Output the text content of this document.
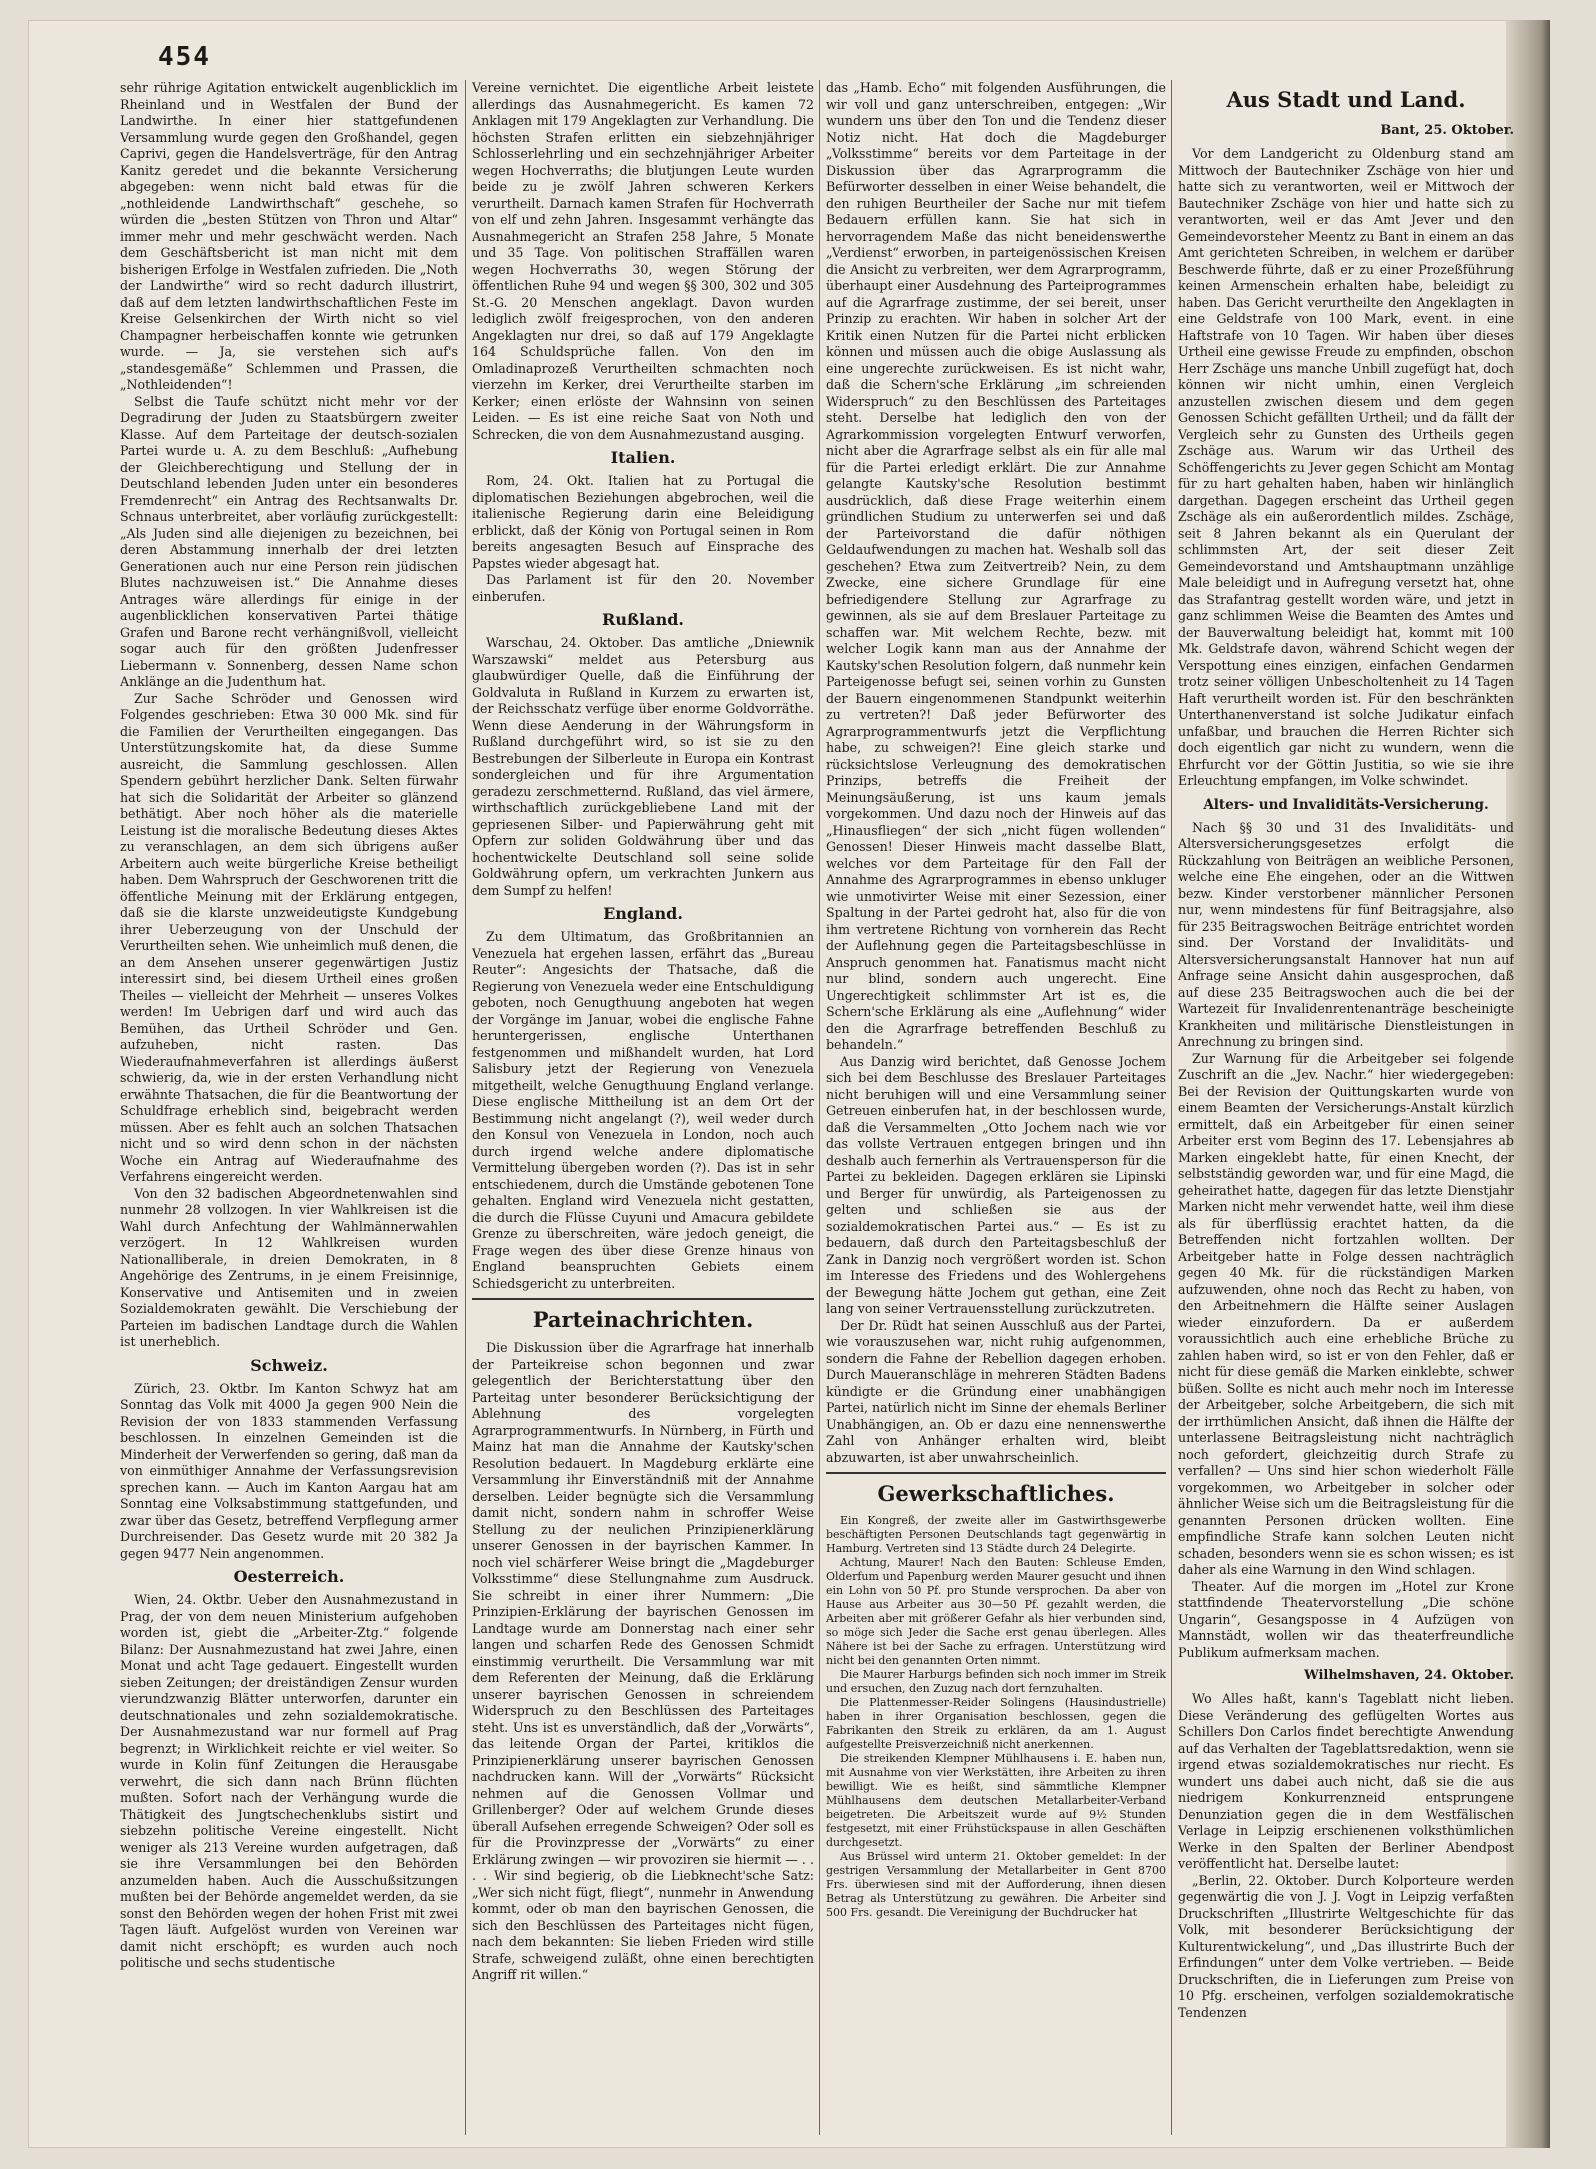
454

sehr rührige Agitation entwickelt augenblicklich im Rheinland und in Westfalen der Bund der Landwirthe. In einer hier stattgefundenen Versammlung wurde gegen den Großhandel, gegen Caprivi, gegen die Handelsverträge, für den Antrag Kanitz geredet und die bekannte Versicherung abgegeben: wenn nicht bald etwas für die „nothleidende Landwirthschaft“ geschehe, so würden die „besten Stützen von Thron und Altar“ immer mehr und mehr geschwächt werden. Nach dem Geschäftsbericht ist man nicht mit dem bisherigen Erfolge in Westfalen zufrieden. Die „Noth der Landwirthe“ wird so recht dadurch illustrirt, daß auf dem letzten landwirthschaftlichen Feste im Kreise Gelsenkirchen der Wirth nicht so viel Champagner herbeischaffen konnte wie getrunken wurde. — Ja, sie verstehen sich auf's „standesgemäße“ Schlemmen und Prassen, die „Nothleidenden“!

Selbst die Taufe schützt nicht mehr vor der Degradirung der Juden zu Staatsbürgern zweiter Klasse. Auf dem Parteitage der deutsch-sozialen Partei wurde u. A. zu dem Beschluß: „Aufhebung der Gleichberechtigung und Stellung der in Deutschland lebenden Juden unter ein besonderes Fremdenrecht“ ein Antrag des Rechtsanwalts Dr. Schnaus unterbreitet, aber vorläufig zurückgestellt: „Als Juden sind alle diejenigen zu bezeichnen, bei deren Abstammung innerhalb der drei letzten Generationen auch nur eine Person rein jüdischen Blutes nachzuweisen ist.“ Die Annahme dieses Antrages wäre allerdings für einige in der augenblicklichen konservativen Partei thätige Grafen und Barone recht verhängnißvoll, vielleicht sogar auch für den größten Judenfresser Liebermann v. Sonnenberg, dessen Name schon Anklänge an die Judenthum hat.

Zur Sache Schröder und Genossen wird Folgendes geschrieben: Etwa 30 000 Mk. sind für die Familien der Verurtheilten eingegangen. Das Unterstützungskomite hat, da diese Summe ausreicht, die Sammlung geschlossen. Allen Spendern gebührt herzlicher Dank. Selten fürwahr hat sich die Solidarität der Arbeiter so glänzend bethätigt. Aber noch höher als die materielle Leistung ist die moralische Bedeutung dieses Aktes zu veranschlagen, an dem sich übrigens außer Arbeitern auch weite bürgerliche Kreise betheiligt haben. Dem Wahrspruch der Geschworenen tritt die öffentliche Meinung mit der Erklärung entgegen, daß sie die klarste unzweideutigste Kundgebung ihrer Ueberzeugung von der Unschuld der Verurtheilten sehen. Wie unheimlich muß denen, die an dem Ansehen unserer gegenwärtigen Justiz interessirt sind, bei diesem Urtheil eines großen Theiles — vielleicht der Mehrheit — unseres Volkes werden! Im Uebrigen darf und wird auch das Bemühen, das Urtheil Schröder und Gen. aufzuheben, nicht rasten. Das Wiederaufnahmeverfahren ist allerdings äußerst schwierig, da, wie in der ersten Verhandlung nicht erwähnte Thatsachen, die für die Beantwortung der Schuldfrage erheblich sind, beigebracht werden müssen. Aber es fehlt auch an solchen Thatsachen nicht und so wird denn schon in der nächsten Woche ein Antrag auf Wiederaufnahme des Verfahrens eingereicht werden.

Von den 32 badischen Abgeordnetenwahlen sind nunmehr 28 vollzogen. In vier Wahlkreisen ist die Wahl durch Anfechtung der Wahlmännerwahlen verzögert. In 12 Wahlkreisen wurden Nationalliberale, in dreien Demokraten, in 8 Angehörige des Zentrums, in je einem Freisinnige, Konservative und Antisemiten und in zweien Sozialdemokraten gewählt. Die Verschiebung der Parteien im badischen Landtage durch die Wahlen ist unerheblich.

Schweiz.

Zürich, 23. Oktbr. Im Kanton Schwyz hat am Sonntag das Volk mit 4000 Ja gegen 900 Nein die Revision der von 1833 stammenden Verfassung beschlossen. In einzelnen Gemeinden ist die Minderheit der Verwerfenden so gering, daß man da von einmüthiger Annahme der Verfassungsrevision sprechen kann. — Auch im Kanton Aargau hat am Sonntag eine Volksabstimmung stattgefunden, und zwar über das Gesetz, betreffend Verpflegung armer Durchreisender. Das Gesetz wurde mit 20 382 Ja gegen 9477 Nein angenommen.

Oesterreich.

Wien, 24. Oktbr. Ueber den Ausnahmezustand in Prag, der von dem neuen Ministerium aufgehoben worden ist, giebt die „Arbeiter-Ztg.“ folgende Bilanz: Der Ausnahmezustand hat zwei Jahre, einen Monat und acht Tage gedauert. Eingestellt wurden sieben Zeitungen; der dreiständigen Zensur wurden vierundzwanzig Blätter unterworfen, darunter ein deutschnationales und zehn sozialdemokratische. Der Ausnahmezustand war nur formell auf Prag begrenzt; in Wirklichkeit reichte er viel weiter. So wurde in Kolin fünf Zeitungen die Herausgabe verwehrt, die sich dann nach Brünn flüchten mußten. Sofort nach der Verhängung wurde die Thätigkeit des Jungtschechenklubs sistirt und siebzehn politische Vereine eingestellt. Nicht weniger als 213 Vereine wurden aufgetragen, daß sie ihre Versammlungen bei den Behörden anzumelden haben. Auch die Ausschußsitzungen mußten bei der Behörde angemeldet werden, da sie sonst den Behörden wegen der hohen Frist mit zwei Tagen läuft. Aufgelöst wurden von Vereinen war damit nicht erschöpft; es wurden auch noch politische und sechs studentische

Vereine vernichtet. Die eigentliche Arbeit leistete allerdings das Ausnahmegericht. Es kamen 72 Anklagen mit 179 Angeklagten zur Verhandlung. Die höchsten Strafen erlitten ein siebzehnjähriger Schlosserlehrling und ein sechzehnjähriger Arbeiter wegen Hochverraths; die blutjungen Leute wurden beide zu je zwölf Jahren schweren Kerkers verurtheilt. Darnach kamen Strafen für Hochverrath von elf und zehn Jahren. Insgesammt verhängte das Ausnahmegericht an Strafen 258 Jahre, 5 Monate und 35 Tage. Von politischen Straffällen waren wegen Hochverraths 30, wegen Störung der öffentlichen Ruhe 94 und wegen §§ 300, 302 und 305 St.-G. 20 Menschen angeklagt. Davon wurden lediglich zwölf freigesprochen, von den anderen Angeklagten nur drei, so daß auf 179 Angeklagte 164 Schuldsprüche fallen. Von den im Omladinaprozeß Verurtheilten schmachten noch vierzehn im Kerker, drei Verurtheilte starben im Kerker; einen erlöste der Wahnsinn von seinen Leiden. — Es ist eine reiche Saat von Noth und Schrecken, die von dem Ausnahmezustand ausging.

Italien.

Rom, 24. Okt. Italien hat zu Portugal die diplomatischen Beziehungen abgebrochen, weil die italienische Regierung darin eine Beleidigung erblickt, daß der König von Portugal seinen in Rom bereits angesagten Besuch auf Einsprache des Papstes wieder abgesagt hat.

Das Parlament ist für den 20. November einberufen.

Rußland.

Warschau, 24. Oktober. Das amtliche „Dniewnik Warszawski“ meldet aus Petersburg aus glaubwürdiger Quelle, daß die Einführung der Goldvaluta in Rußland in Kurzem zu erwarten ist, der Reichsschatz verfüge über enorme Goldvorräthe. Wenn diese Aenderung in der Währungsform in Rußland durchgeführt wird, so ist sie zu den Bestrebungen der Silberleute in Europa ein Kontrast sondergleichen und für ihre Argumentation geradezu zerschmetternd. Rußland, das viel ärmere, wirthschaftlich zurückgebliebene Land mit der gepriesenen Silber- und Papierwährung geht mit Opfern zur soliden Goldwährung über und das hochentwickelte Deutschland soll seine solide Goldwährung opfern, um verkrachten Junkern aus dem Sumpf zu helfen!

England.

Zu dem Ultimatum, das Großbritannien an Venezuela hat ergehen lassen, erfährt das „Bureau Reuter“: Angesichts der Thatsache, daß die Regierung von Venezuela weder eine Entschuldigung geboten, noch Genugthuung angeboten hat wegen der Vorgänge im Januar, wobei die englische Fahne heruntergerissen, englische Unterthanen festgenommen und mißhandelt wurden, hat Lord Salisbury jetzt der Regierung von Venezuela mitgetheilt, welche Genugthuung England verlange. Diese englische Mittheilung ist an dem Ort der Bestimmung nicht angelangt (?), weil weder durch den Konsul von Venezuela in London, noch auch durch irgend welche andere diplomatische Vermittelung übergeben worden (?). Das ist in sehr entschiedenem, durch die Umstände gebotenen Tone gehalten. England wird Venezuela nicht gestatten, die durch die Flüsse Cuyuni und Amacura gebildete Grenze zu überschreiten, wäre jedoch geneigt, die Frage wegen des über diese Grenze hinaus von England beanspruchten Gebiets einem Schiedsgericht zu unterbreiten.

Parteinachrichten.

Die Diskussion über die Agrarfrage hat innerhalb der Parteikreise schon begonnen und zwar gelegentlich der Berichterstattung über den Parteitag unter besonderer Berücksichtigung der Ablehnung des vorgelegten Agrarprogrammentwurfs. In Nürnberg, in Fürth und Mainz hat man die Annahme der Kautsky'schen Resolution bedauert. In Magdeburg erklärte eine Versammlung ihr Einverständniß mit der Annahme derselben. Leider begnügte sich die Versammlung damit nicht, sondern nahm in schroffer Weise Stellung zu der neulichen Prinzipienerklärung unserer Genossen in der bayrischen Kammer. In noch viel schärferer Weise bringt die „Magdeburger Volksstimme“ diese Stellungnahme zum Ausdruck. Sie schreibt in einer ihrer Nummern: „Die Prinzipien-Erklärung der bayrischen Genossen im Landtage wurde am Donnerstag nach einer sehr langen und scharfen Rede des Genossen Schmidt einstimmig verurtheilt. Die Versammlung war mit dem Referenten der Meinung, daß die Erklärung unserer bayrischen Genossen in schreiendem Widerspruch zu den Beschlüssen des Parteitages steht. Uns ist es unverständlich, daß der „Vorwärts“, das leitende Organ der Partei, kritiklos die Prinzipienerklärung unserer bayrischen Genossen nachdrucken kann. Will der „Vorwärts“ Rücksicht nehmen auf die Genossen Vollmar und Grillenberger? Oder auf welchem Grunde dieses überall Aufsehen erregende Schweigen? Oder soll es für die Provinzpresse der „Vorwärts“ zu einer Erklärung zwingen — wir provoziren sie hiermit — . . . . Wir sind begierig, ob die Liebknecht'sche Satz: „Wer sich nicht fügt, fliegt“, nunmehr in Anwendung kommt, oder ob man den bayrischen Genossen, die sich den Beschlüssen des Parteitages nicht fügen, nach dem bekannten: Sie lieben Frieden wird stille Strafe, schweigend zuläßt, ohne einen berechtigten Angriff rit willen.“

das „Hamb. Echo“ mit folgenden Ausführungen, die wir voll und ganz unterschreiben, entgegen: „Wir wundern uns über den Ton und die Tendenz dieser Notiz nicht. Hat doch die Magdeburger „Volksstimme“ bereits vor dem Parteitage in der Diskussion über das Agrarprogramm die Befürworter desselben in einer Weise behandelt, die den ruhigen Beurtheiler der Sache nur mit tiefem Bedauern erfüllen kann. Sie hat sich in hervorragendem Maße das nicht beneidenswerthe „Verdienst“ erworben, in parteigenössischen Kreisen die Ansicht zu verbreiten, wer dem Agrarprogramm, überhaupt einer Ausdehnung des Parteiprogrammes auf die Agrarfrage zustimme, der sei bereit, unser Prinzip zu erachten. Wir haben in solcher Art der Kritik einen Nutzen für die Partei nicht erblicken können und müssen auch die obige Auslassung als eine ungerechte zurückweisen. Es ist nicht wahr, daß die Schern'sche Erklärung „im schreienden Widerspruch“ zu den Beschlüssen des Parteitages steht. Derselbe hat lediglich den von der Agrarkommission vorgelegten Entwurf verworfen, nicht aber die Agrarfrage selbst als ein für alle mal für die Partei erledigt erklärt. Die zur Annahme gelangte Kautsky'sche Resolution bestimmt ausdrücklich, daß diese Frage weiterhin einem gründlichen Studium zu unterwerfen sei und daß der Parteivorstand die dafür nöthigen Geldaufwendungen zu machen hat. Weshalb soll das geschehen? Etwa zum Zeitvertreib? Nein, zu dem Zwecke, eine sichere Grundlage für eine befriedigendere Stellung zur Agrarfrage zu gewinnen, als sie auf dem Breslauer Parteitage zu schaffen war. Mit welchem Rechte, bezw. mit welcher Logik kann man aus der Annahme der Kautsky'schen Resolution folgern, daß nunmehr kein Parteigenosse befugt sei, seinen vorhin zu Gunsten der Bauern eingenommenen Standpunkt weiterhin zu vertreten?! Daß jeder Befürworter des Agrarprogrammentwurfs jetzt die Verpflichtung habe, zu schweigen?! Eine gleich starke und rücksichtslose Verleugnung des demokratischen Prinzips, betreffs die Freiheit der Meinungsäußerung, ist uns kaum jemals vorgekommen. Und dazu noch der Hinweis auf das „Hinausfliegen“ der sich „nicht fügen wollenden“ Genossen! Dieser Hinweis macht dasselbe Blatt, welches vor dem Parteitage für den Fall der Annahme des Agrarprogrammes in ebenso unkluger wie unmotivirter Weise mit einer Sezession, einer Spaltung in der Partei gedroht hat, also für die von ihm vertretene Richtung von vornherein das Recht der Auflehnung gegen die Parteitagsbeschlüsse in Anspruch genommen hat. Fanatismus macht nicht nur blind, sondern auch ungerecht. Eine Ungerechtigkeit schlimmster Art ist es, die Schern'sche Erklärung als eine „Auflehnung“ wider den die Agrarfrage betreffenden Beschluß zu behandeln.“

Aus Danzig wird berichtet, daß Genosse Jochem sich bei dem Beschlusse des Breslauer Parteitages nicht beruhigen will und eine Versammlung seiner Getreuen einberufen hat, in der beschlossen wurde, daß die Versammelten „Otto Jochem nach wie vor das vollste Vertrauen entgegen bringen und ihn deshalb auch fernerhin als Vertrauensperson für die Partei zu bekleiden. Dagegen erklären sie Lipinski und Berger für unwürdig, als Parteigenossen zu gelten und schließen sie aus der sozialdemokratischen Partei aus.“ — Es ist zu bedauern, daß durch den Parteitagsbeschluß der Zank in Danzig noch vergrößert worden ist. Schon im Interesse des Friedens und des Wohlergehens der Bewegung hätte Jochem gut gethan, eine Zeit lang von seiner Vertrauensstellung zurückzutreten.

Der Dr. Rüdt hat seinen Ausschluß aus der Partei, wie vorauszusehen war, nicht ruhig aufgenommen, sondern die Fahne der Rebellion dagegen erhoben. Durch Maueranschläge in mehreren Städten Badens kündigte er die Gründung einer unabhängigen Partei, natürlich nicht im Sinne der ehemals Berliner Unabhängigen, an. Ob er dazu eine nennenswerthe Zahl von Anhänger erhalten wird, bleibt abzuwarten, ist aber unwahrscheinlich.

Gewerkschaftliches.

Ein Kongreß, der zweite aller im Gastwirthsgewerbe beschäftigten Personen Deutschlands tagt gegenwärtig in Hamburg. Vertreten sind 13 Städte durch 24 Delegirte.

Achtung, Maurer! Nach den Bauten: Schleuse Emden, Olderfum und Papenburg werden Maurer gesucht und ihnen ein Lohn von 50 Pf. pro Stunde versprochen. Da aber von Hause aus Arbeiter aus 30—50 Pf. gezahlt werden, die Arbeiten aber mit größerer Gefahr als hier verbunden sind, so möge sich Jeder die Sache erst genau überlegen. Alles Nähere ist bei der Sache zu erfragen. Unterstützung wird nicht bei den genannten Orten nimmt.

Die Maurer Harburgs befinden sich noch immer im Streik und ersuchen, den Zuzug nach dort fernzuhalten.

Die Plattenmesser-Reider Solingens (Hausindustrielle) haben in ihrer Organisation beschlossen, gegen die Fabrikanten den Streik zu erklären, da am 1. August aufgestellte Preisverzeichniß nicht anerkennen.

Die streikenden Klempner Mühlhausens i. E. haben nun, mit Ausnahme von vier Werkstätten, ihre Arbeiten zu ihren bewilligt. Wie es heißt, sind sämmtliche Klempner Mühlhausens dem deutschen Metallarbeiter-Verband beigetreten. Die Arbeitszeit wurde auf 9½ Stunden festgesetzt, mit einer Frühstückspause in allen Geschäften durchgesetzt.

Aus Brüssel wird unterm 21. Oktober gemeldet: In der gestrigen Versammlung der Metallarbeiter in Gent 8700 Frs. überwiesen sind mit der Aufforderung, ihnen diesen Betrag als Unterstützung zu gewähren. Die Arbeiter sind 500 Frs. gesandt. Die Vereinigung der Buchdrucker hat

Aus Stadt und Land.
Bant, 25. Oktober.

Vor dem Landgericht zu Oldenburg stand am Mittwoch der Bautechniker Zschäge von hier und hatte sich zu verantworten, weil er Mittwoch der Bautechniker Zschäge von hier und hatte sich zu verantworten, weil er das Amt Jever und den Gemeindevorsteher Meentz zu Bant in einem an das Amt gerichteten Schreiben, in welchem er darüber Beschwerde führte, daß er zu einer Prozeßführung keinen Armenschein erhalten habe, beleidigt zu haben. Das Gericht verurtheilte den Angeklagten in eine Geldstrafe von 100 Mark, event. in eine Haftstrafe von 10 Tagen. Wir haben über dieses Urtheil eine gewisse Freude zu empfinden, obschon Herr Zschäge uns manche Unbill zugefügt hat, doch können wir nicht umhin, einen Vergleich anzustellen zwischen diesem und dem gegen Genossen Schicht gefällten Urtheil; und da fällt der Vergleich sehr zu Gunsten des Urtheils gegen Zschäge aus. Warum wir das Urtheil des Schöffengerichts zu Jever gegen Schicht am Montag für zu hart gehalten haben, haben wir hinlänglich dargethan. Dagegen erscheint das Urtheil gegen Zschäge als ein außerordentlich mildes. Zschäge, seit 8 Jahren bekannt als ein Querulant der schlimmsten Art, der seit dieser Zeit Gemeindevorstand und Amtshauptmann unzählige Male beleidigt und in Aufregung versetzt hat, ohne das Strafantrag gestellt worden wäre, und jetzt in ganz schlimmen Weise die Beamten des Amtes und der Bauverwaltung beleidigt hat, kommt mit 100 Mk. Geldstrafe davon, während Schicht wegen der Verspottung eines einzigen, einfachen Gendarmen trotz seiner völligen Unbescholtenheit zu 14 Tagen Haft verurtheilt worden ist. Für den beschränkten Unterthanenverstand ist solche Judikatur einfach unfaßbar, und brauchen die Herren Richter sich doch eigentlich gar nicht zu wundern, wenn die Ehrfurcht vor der Göttin Justitia, so wie sie ihre Erleuchtung empfangen, im Volke schwindet.

Alters- und Invaliditäts-Versicherung.

Nach §§ 30 und 31 des Invaliditäts- und Altersversicherungsgesetzes erfolgt die Rückzahlung von Beiträgen an weibliche Personen, welche eine Ehe eingehen, oder an die Wittwen bezw. Kinder verstorbener männlicher Personen nur, wenn mindestens für fünf Beitragsjahre, also für 235 Beitragswochen Beiträge entrichtet worden sind. Der Vorstand der Invaliditäts- und Altersversicherungsanstalt Hannover hat nun auf Anfrage seine Ansicht dahin ausgesprochen, daß auf diese 235 Beitragswochen auch die bei der Wartezeit für Invalidenrentenanträge bescheinigte Krankheiten und militärische Dienstleistungen in Anrechnung zu bringen sind.

Zur Warnung für die Arbeitgeber sei folgende Zuschrift an die „Jev. Nachr.“ hier wiedergegeben: Bei der Revision der Quittungskarten wurde von einem Beamten der Versicherungs-Anstalt kürzlich ermittelt, daß ein Arbeitgeber für einen seiner Arbeiter erst vom Beginn des 17. Lebensjahres ab Marken eingeklebt hatte, für einen Knecht, der selbstständig geworden war, und für eine Magd, die geheirathet hatte, dagegen für das letzte Dienstjahr Marken nicht mehr verwendet hatte, weil ihm diese als für überflüssig erachtet hatten, da die Betreffenden nicht fortzahlen wollten. Der Arbeitgeber hatte in Folge dessen nachträglich gegen 40 Mk. für die rückständigen Marken aufzuwenden, ohne noch das Recht zu haben, von den Arbeitnehmern die Hälfte seiner Auslagen wieder einzufordern. Da er außerdem voraussichtlich auch eine erhebliche Brüche zu zahlen haben wird, so ist er von den Fehler, daß er nicht für diese gemäß die Marken einklebte, schwer büßen. Sollte es nicht auch mehr noch im Interesse der Arbeitgeber, solche Arbeitgebern, die sich mit der irrthümlichen Ansicht, daß ihnen die Hälfte der unterlassene Beitragsleistung nicht nachträglich noch gefordert, gleichzeitig durch Strafe zu verfallen? — Uns sind hier schon wiederholt Fälle vorgekommen, wo Arbeitgeber in solcher oder ähnlicher Weise sich um die Beitragsleistung für die genannten Personen drücken wollten. Eine empfindliche Strafe kann solchen Leuten nicht schaden, besonders wenn sie es schon wissen; es ist daher als eine Warnung in den Wind schlagen.

Theater. Auf die morgen im „Hotel zur Krone stattfindende Theatervorstellung „Die schöne Ungarin“, Gesangsposse in 4 Aufzügen von Mannstädt, wollen wir das theaterfreundliche Publikum aufmerksam machen.

Wilhelmshaven, 24. Oktober.

Wo Alles haßt, kann's Tageblatt nicht lieben. Diese Veränderung des geflügelten Wortes aus Schillers Don Carlos findet berechtigte Anwendung auf das Verhalten der Tageblattsredaktion, wenn sie irgend etwas sozialdemokratisches nur riecht. Es wundert uns dabei auch nicht, daß sie die aus niedrigem Konkurrenzneid entsprungene Denunziation gegen die in dem Westfälischen Verlage in Leipzig erschienenen volksthümlichen Werke in den Spalten der Berliner Abendpost veröffentlicht hat. Derselbe lautet:

„Berlin, 22. Oktober. Durch Kolporteure werden gegenwärtig die von J. J. Vogt in Leipzig verfaßten Druckschriften „Illustrirte Weltgeschichte für das Volk, mit besonderer Berücksichtigung der Kulturentwickelung“, und „Das illustrirte Buch der Erfindungen“ unter dem Volke vertrieben. — Beide Druckschriften, die in Lieferungen zum Preise von 10 Pfg. erscheinen, verfolgen sozialdemokratische Tendenzen
